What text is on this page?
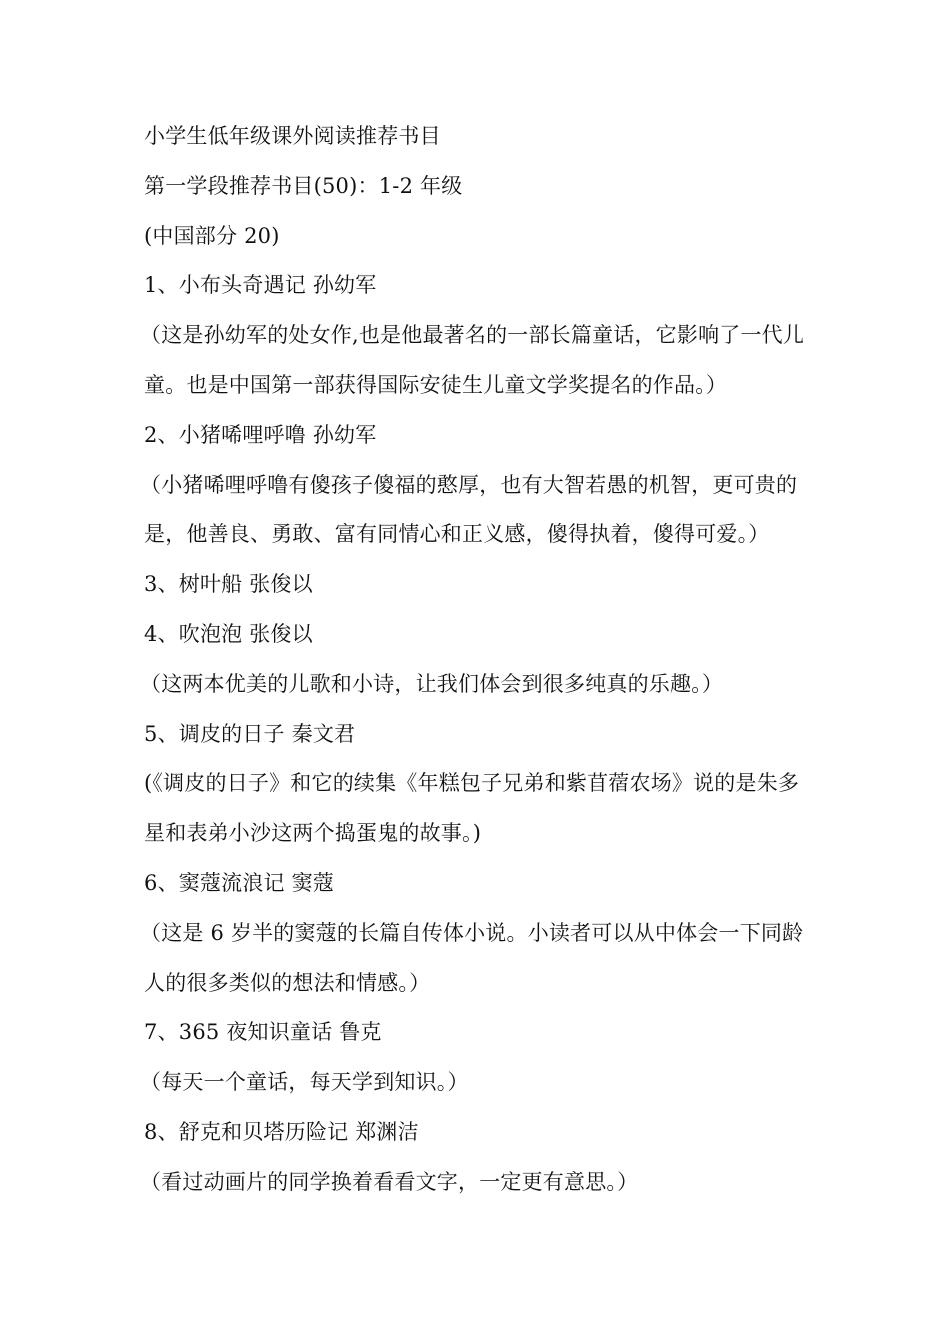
小学生低年级课外阅读推荐书目
第一学段推荐书目(50)：1-2 年级
(中国部分 20)
1、小布头奇遇记 孙幼军
（这是孙幼军的处女作,也是他最著名的一部长篇童话，它影响了一代儿童。也是中国第一部获得国际安徒生儿童文学奖提名的作品。）
2、小猪唏哩呼噜 孙幼军
（小猪唏哩呼噜有傻孩子傻福的憨厚，也有大智若愚的机智，更可贵的是，他善良、勇敢、富有同情心和正义感，傻得执着，傻得可爱。）
3、树叶船 张俊以
4、吹泡泡 张俊以
（这两本优美的儿歌和小诗，让我们体会到很多纯真的乐趣。）
5、调皮的日子 秦文君
(《调皮的日子》和它的续集《年糕包子兄弟和紫苜蓿农场》说的是朱多星和表弟小沙这两个捣蛋鬼的故事。)
6、窦蔻流浪记 窦蔻
（这是 6 岁半的窦蔻的长篇自传体小说。小读者可以从中体会一下同龄人的很多类似的想法和情感。）
7、365 夜知识童话 鲁克
（每天一个童话，每天学到知识。）
8、舒克和贝塔历险记 郑渊洁
（看过动画片的同学换着看看文字，一定更有意思。）
